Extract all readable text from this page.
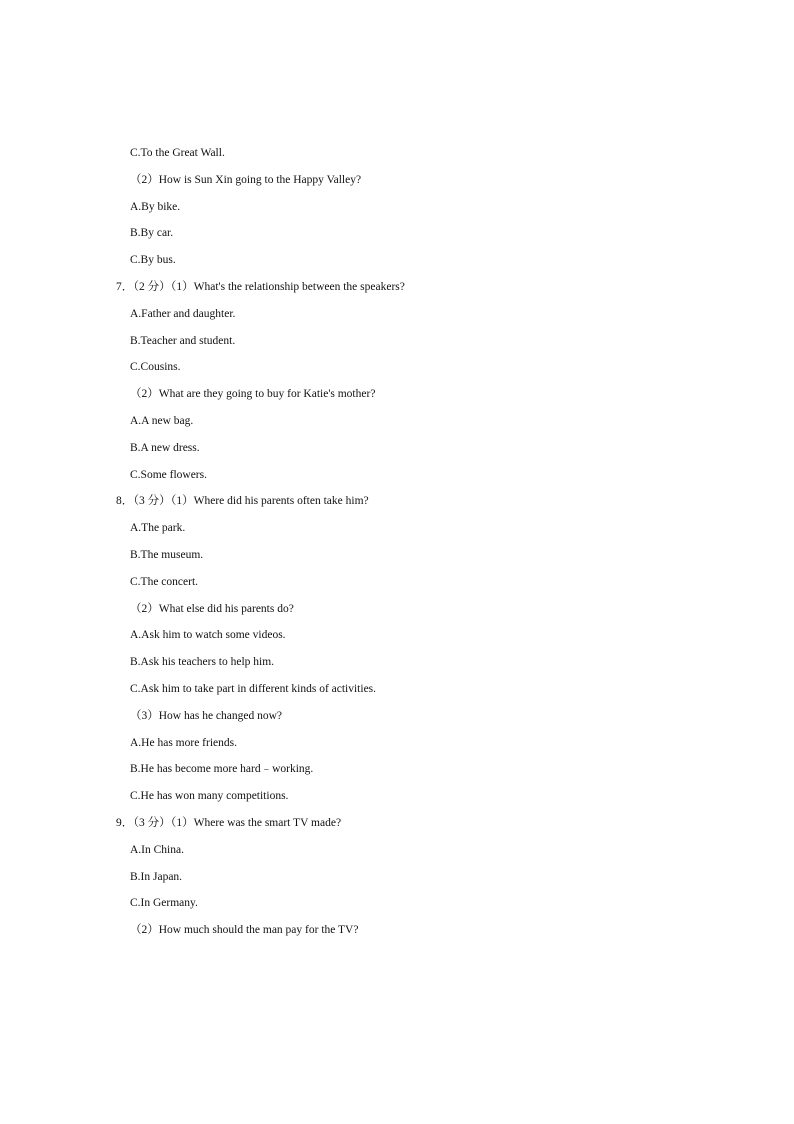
C.To the Great Wall.
（2）How is Sun Xin going to the Happy Valley?
A.By bike.
B.By car.
C.By bus.
7．（2 分）（1）What's the relationship between the speakers?
A.Father and daughter.
B.Teacher and student.
C.Cousins.
（2）What are they going to buy for Katie's mother?
A.A new bag.
B.A new dress.
C.Some flowers.
8．（3 分）（1）Where did his parents often take him?
A.The park.
B.The museum.
C.The concert.
（2）What else did his parents do?
A.Ask him to watch some videos.
B.Ask his teachers to help him.
C.Ask him to take part in different kinds of activities.
（3）How has he changed now?
A.He has more friends.
B.He has become more hard﹣working.
C.He has won many competitions.
9．（3 分）（1）Where was the smart TV made?
A.In China.
B.In Japan.
C.In Germany.
（2）How much should the man pay for the TV?
